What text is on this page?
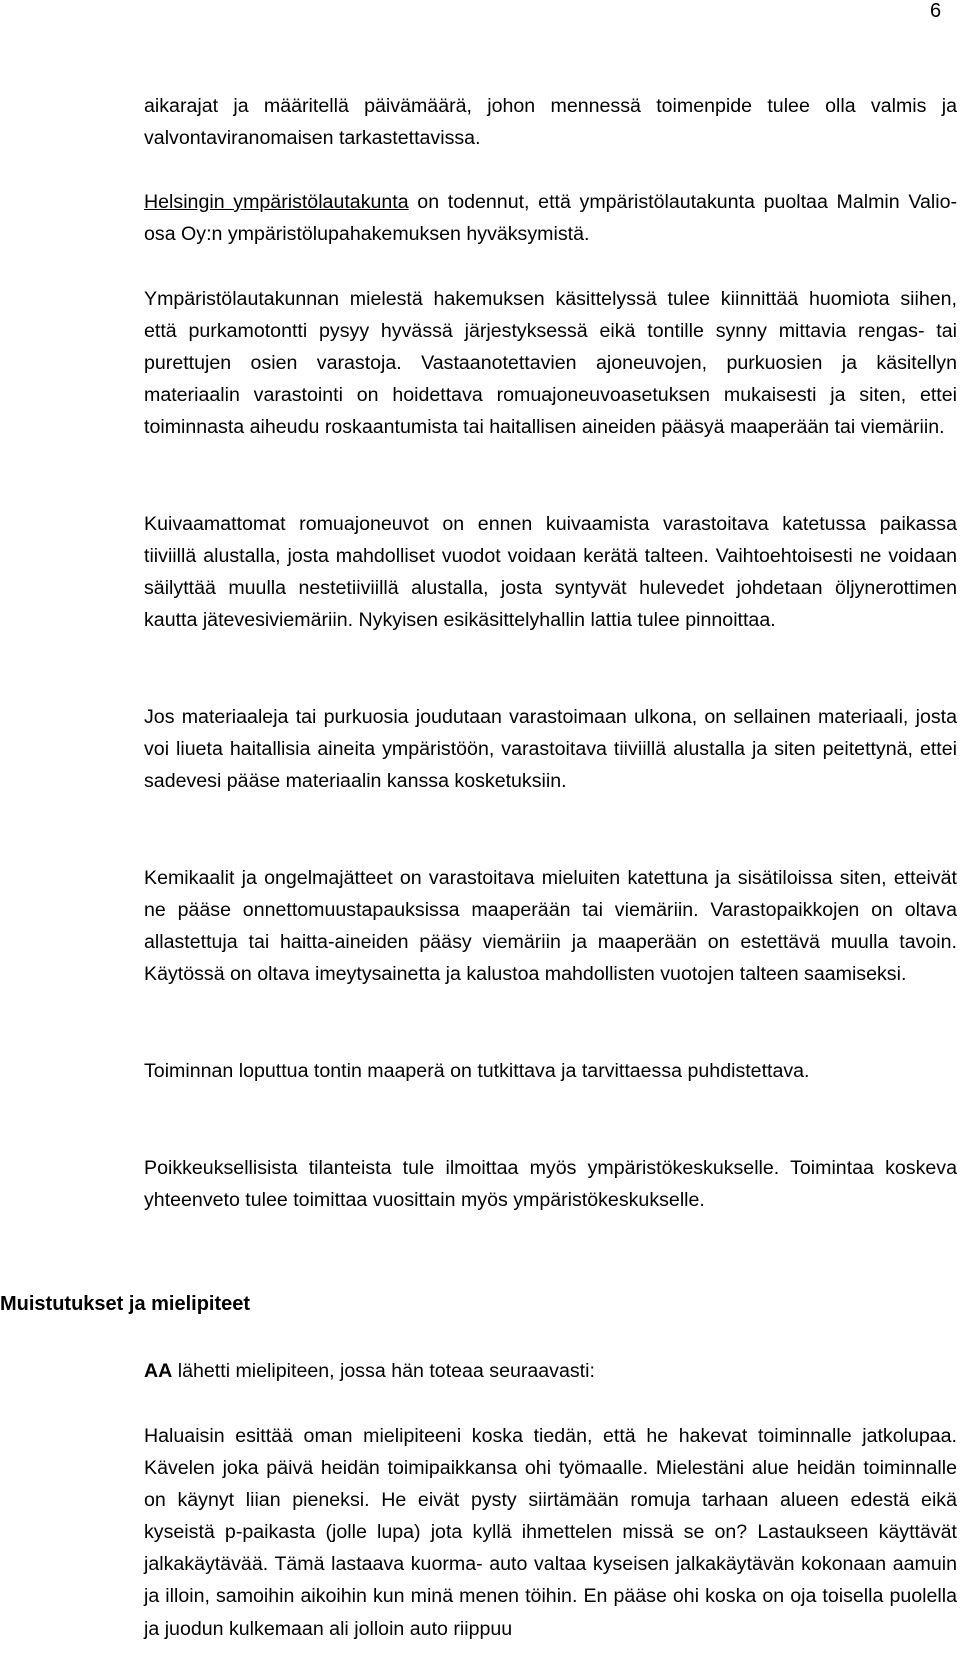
6

aikarajat ja määritellä päivämäärä, johon mennessä toimenpide tulee olla valmis ja valvontaviranomaisen tarkastettavissa.

Helsingin ympäristölautakunta on todennut, että ympäristölautakunta puoltaa Malmin Valio-osa Oy:n ympäristölupahakemuksen hyväksymistä.

Ympäristölautakunnan mielestä hakemuksen käsittelyssä tulee kiinnittää huomiota siihen, että purkamotontti pysyy hyvässä järjestyksessä eikä tontille synny mittavia rengas- tai purettujen osien varastoja. Vastaanotettavien ajoneuvojen, purkuosien ja käsitellyn materiaalin varastointi on hoidettava romuajoneuvoasetuksen mukaisesti ja siten, ettei toiminnasta aiheudu roskaantumista tai haitallisen aineiden pääsyä maaperään tai viemäriin.

Kuivaamattomat romuajoneuvot on ennen kuivaamista varastoitava katetussa paikassa tiiviillä alustalla, josta mahdolliset vuodot voidaan kerätä talteen. Vaihtoehtoisesti ne voidaan säilyttää muulla nestetiiviillä alustalla, josta syntyvät hulevedet johdetaan öljynerottimen kautta jätevesiviemäriin. Nykyisen esikäsittelyhallin lattia tulee pinnoittaa.

Jos materiaaleja tai purkuosia joudutaan varastoimaan ulkona, on sellainen materiaali, josta voi liueta haitallisia aineita ympäristöön, varastoitava tiiviillä alustalla ja siten peitettynä, ettei sadevesi pääse materiaalin kanssa kosketuksiin.

Kemikaalit ja ongelmajätteet on varastoitava mieluiten katettuna ja sisätiloissa siten, etteivät ne pääse onnettomuustapauksissa maaperään tai viemäriin. Varastopaikkojen on oltava allastettuja tai haitta-aineiden pääsy viemäriin ja maaperään on estettävä muulla tavoin. Käytössä on oltava imeytysainetta ja kalustoa mahdollisten vuotojen talteen saamiseksi.

Toiminnan loputtua tontin maaperä on tutkittava ja tarvittaessa puhdistettava.

Poikkeuksellisista tilanteista tule ilmoittaa myös ympäristökeskukselle. Toimintaa koskeva yhteenveto tulee toimittaa vuosittain myös ympäristökeskukselle.

Muistutukset ja mielipiteet

AA lähetti mielipiteen, jossa hän toteaa seuraavasti:

Haluaisin esittää oman mielipiteeni koska tiedän, että he hakevat toiminnalle jatkolupaa. Kävelen joka päivä heidän toimipaikkansa ohi työmaalle. Mielestäni alue heidän toiminnalle on käynyt liian pieneksi. He eivät pysty siirtämään romuja tarhaan alueen edestä eikä kyseistä p-paikasta (jolle lupa) jota kyllä ihmettelen missä se on? Lastaukseen käyttävät jalkakäytävää. Tämä lastaava kuorma- auto valtaa kyseisen jalkakäytävän kokonaan aamuin ja illoin, samoihin aikoihin kun minä menen töihin. En pääse ohi koska on oja toisella puolella ja juodun kulkemaan ali jolloin auto riippuu
